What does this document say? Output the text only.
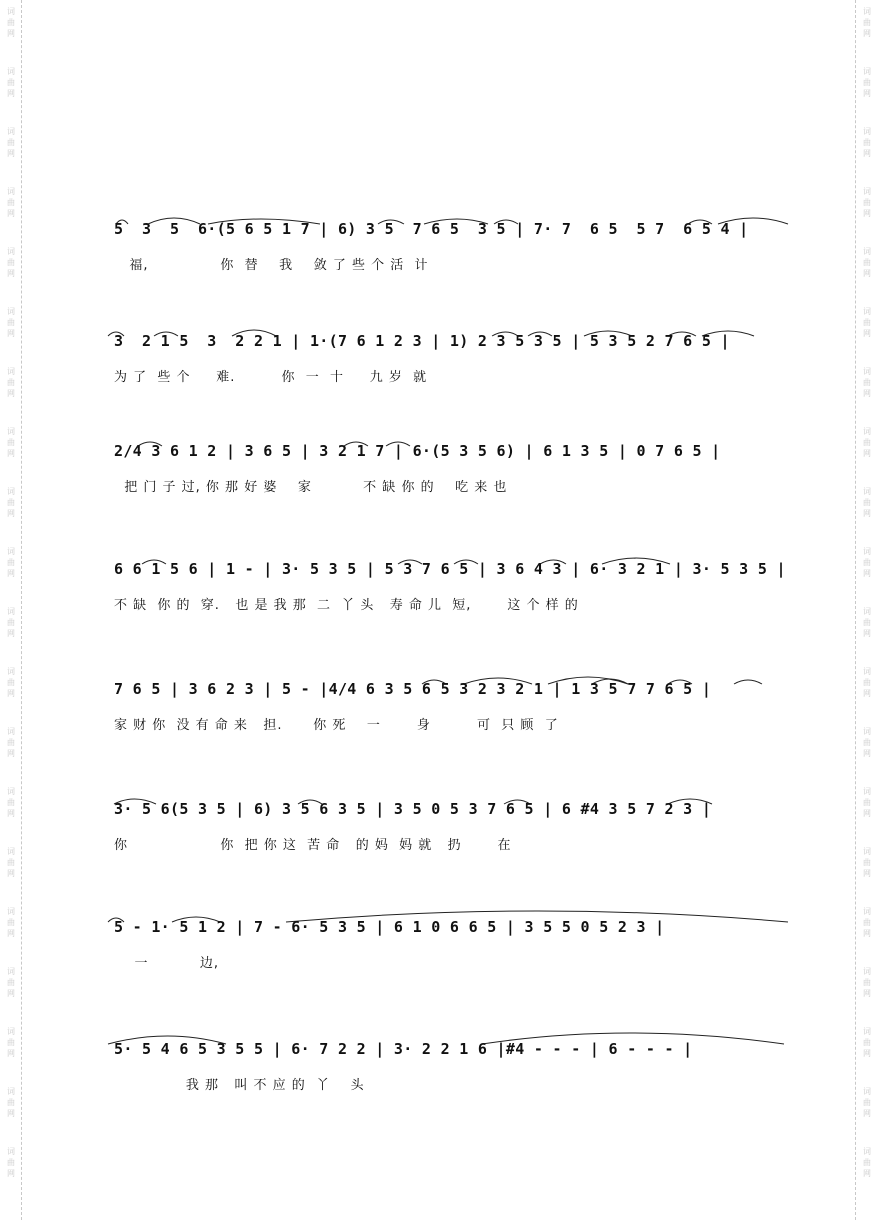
词
曲
网
词
曲
网
词
曲
网
词
曲
网
词
曲
网
词
曲
网
词
曲
网
词
曲
网
词
曲
网
词
曲
网
词
曲
网
词
曲
网
词
曲
网
词
曲
网
词
曲
网
词
曲
网
词
曲
网
词
曲
网
词
曲
网
词
曲
网
词
曲
网
词
曲
网
词
曲
网
词
曲
网
词
曲
网
词
曲
网
词
曲
网
词
曲
网
词
曲
网
词
曲
网
词
曲
网
词
曲
网
词
曲
网
词
曲
网
词
曲
网
词
曲
网
词
曲
网
词
曲
网
词
曲
网
词
曲
网
5  3  5  6·(5 6 5 1 7 | 6) 3 5  7 6 5  3 5 | 7· 7  6 5  5 7  6 5 4 |
福,              你  替    我    敛 了 些 个 活  计
3  2 1 5  3  2 2 1 | 1·(7 6 1 2 3 | 1) 2 3 5 3 5 | 5 3 5 2 7 6 5 |
为 了  些 个     难.         你  一  十     九 岁  就
2/4 3 6 1 2 | 3 6 5 | 3 2 1 7 | 6·(5 3 5 6) | 6 1 3 5 | 0 7 6 5 |
把 门 子 过, 你 那 好 婆    家          不 缺 你 的    吃 来 也
6 6 1 5 6 | 1 - | 3· 5 3 5 | 5 3 7 6 5 | 3 6 4 3 | 6· 3 2 1 | 3· 5 3 5 |
不 缺  你 的  穿.   也 是 我 那  二  丫 头   寿 命 儿  短,       这 个 样 的
7 6 5 | 3 6 2 3 | 5 - |4/4 6 3 5 6 5 3 2 3 2 1 | 1 3 5 7 7 6 5 |
家 财 你  没 有 命 来   担.      你 死    一       身         可  只 顾  了
3· 5 6(5 3 5 | 6) 3 5 6 3 5 | 3 5 0 5 3 7 6 5 | 6 #4 3 5 7 2 3 |
你                  你  把 你 这  苦 命   的 妈  妈 就   扔       在
5 - 1· 5 1 2 | 7 - 6· 5 3 5 | 6 1 0 6 6 5 | 3 5 5 0 5 2 3 |
一          边,
5· 5 4 6 5 3 5 5 | 6· 7 2 2 | 3· 2 2 1 6 |#4 - - - | 6 - - - |
我 那   叫 不 应 的  丫    头
